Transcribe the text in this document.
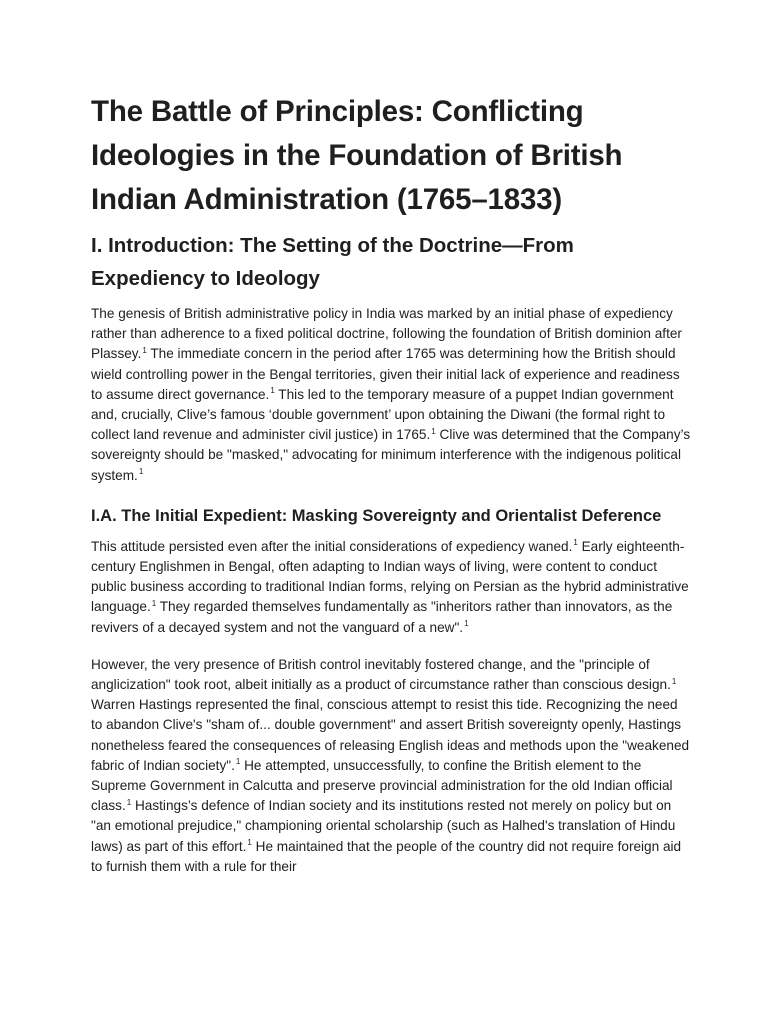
The Battle of Principles: Conflicting Ideologies in the Foundation of British Indian Administration (1765–1833)
I. Introduction: The Setting of the Doctrine—From Expediency to Ideology

The genesis of British administrative policy in India was marked by an initial phase of expediency rather than adherence to a fixed political doctrine, following the foundation of British dominion after Plassey.$^1$ The immediate concern in the period after 1765 was determining how the British should wield controlling power in the Bengal territories, given their initial lack of experience and readiness to assume direct governance.$^1$ This led to the temporary measure of a puppet Indian government and, crucially, Clive’s famous ‘double government’ upon obtaining the Diwani (the formal right to collect land revenue and administer civil justice) in 1765.$^1$ Clive was determined that the Company’s sovereignty should be "masked," advocating for minimum interference with the indigenous political system.$^1$

I.A. The Initial Expedient: Masking Sovereignty and Orientalist Deference

This attitude persisted even after the initial considerations of expediency waned.$^1$ Early eighteenth-century Englishmen in Bengal, often adapting to Indian ways of living, were content to conduct public business according to traditional Indian forms, relying on Persian as the hybrid administrative language.$^1$ They regarded themselves fundamentally as "inheritors rather than innovators, as the revivers of a decayed system and not the vanguard of a new".$^1$

However, the very presence of British control inevitably fostered change, and the "principle of anglicization" took root, albeit initially as a product of circumstance rather than conscious design.$^1$ Warren Hastings represented the final, conscious attempt to resist this tide. Recognizing the need to abandon Clive's "sham of... double government" and assert British sovereignty openly, Hastings nonetheless feared the consequences of releasing English ideas and methods upon the "weakened fabric of Indian society".$^1$ He attempted, unsuccessfully, to confine the British element to the Supreme Government in Calcutta and preserve provincial administration for the old Indian official class.$^1$ Hastings’s defence of Indian society and its institutions rested not merely on policy but on "an emotional prejudice," championing oriental scholarship (such as Halhed's translation of Hindu laws) as part of this effort.$^1$ He maintained that the people of the country did not require foreign aid to furnish them with a rule for their
